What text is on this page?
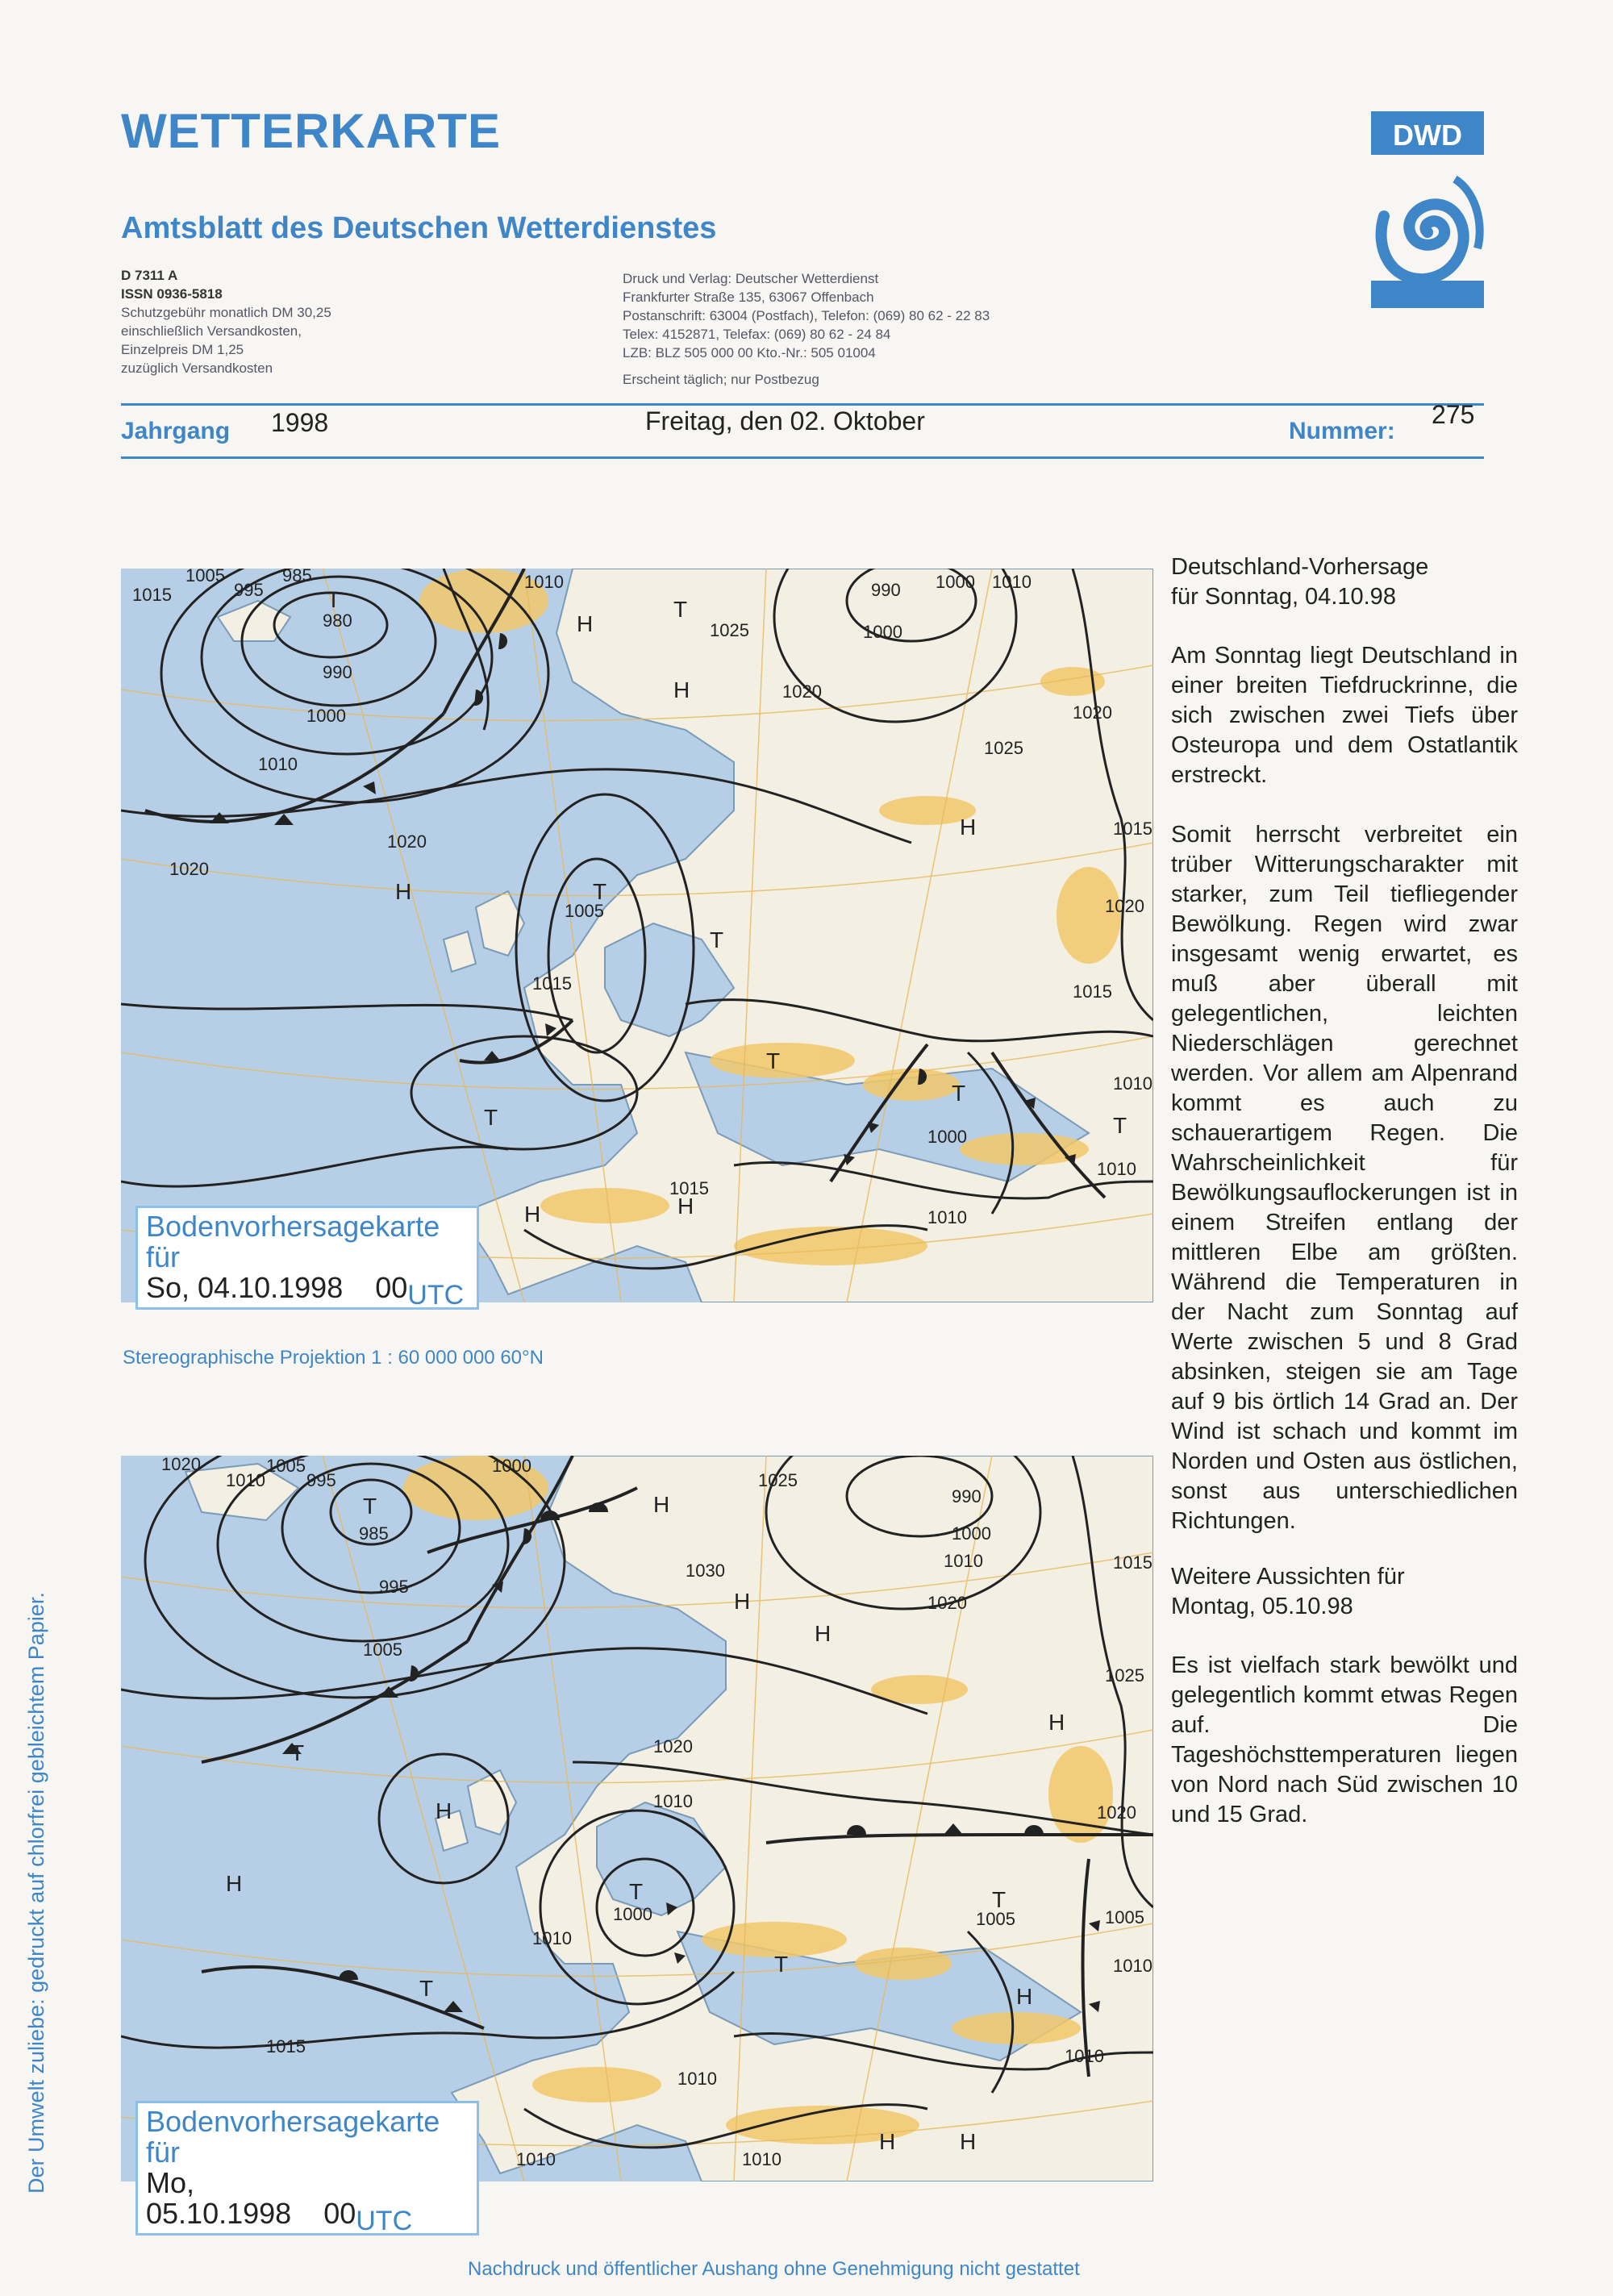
WETTERKARTE
Amtsblatt des Deutschen Wetterdienstes
D 7311 A
ISSN 0936-5818
Schutzgebühr monatlich DM 30,25
einschließlich Versandkosten,
Einzelpreis DM 1,25
zuzüglich Versandkosten
Druck und Verlag: Deutscher Wetterdienst
Frankfurter Straße 135, 63067 Offenbach
Postanschrift: 63004 (Postfach), Telefon: (069) 80 62 - 22 83
Telex: 4152871, Telefax: (069) 80 62 - 24 84
LZB: BLZ 505 000 00 Kto.-Nr.: 505 01004
Erscheint täglich; nur Postbezug
DWD
Jahrgang 1998	Freitag, den 02. Oktober	Nummer:
275
1015
1005
995
985
980
990
1000
1010
1020
1020
1005
1015
1010
1025
1020
1000
990 1000 1010
1020
1025
1015
1020
1015
1010
1010
1000
1015
1010
T
H
H
T
H	T
H
T
T
T
H
H
T
T
Bodenvorhersagekarte für
So, 04.10.1998 00UTC
Stereographische Projektion 1 : 60 000 000 60°N
1020
1010
1005
995
985
995
1005
1000
1025
990
1000
1010	1015
1030
1020
1025
1020
1020
1010
1000
1010
1005	1005
1010
1015
1010
1010
1010	1010
T	H
H
H
H
T
H
H	T
T
T	H
T
H	H
Bodenvorhersagekarte für
Mo, 05.10.1998 00UTC
Deutschland-Vorhersage
für Sonntag, 04.10.98

Am Sonntag liegt Deutschland in einer breiten Tiefdruckrinne, die sich zwischen zwei Tiefs über Osteuropa und dem Ostatlantik erstreckt.

Somit herrscht verbreitet ein trüber Witterungscharakter mit starker, zum Teil tiefliegender Bewölkung. Regen wird zwar insgesamt wenig erwartet, es muß aber überall mit gelegentlichen, leichten Niederschlägen gerechnet werden. Vor allem am Alpenrand kommt es auch zu schauerartigem Regen. Die Wahrscheinlichkeit für Bewölkungsauflockerungen ist in einem Streifen entlang der mittleren Elbe am größten. Während die Temperaturen in der Nacht zum Sonntag auf Werte zwischen 5 und 8 Grad absinken, steigen sie am Tage auf 9 bis örtlich 14 Grad an. Der Wind ist schach und kommt im Norden und Osten aus östlichen, sonst aus unterschiedlichen Richtungen.

Weitere Aussichten für
Montag, 05.10.98

Es ist vielfach stark bewölkt und gelegentlich kommt etwas Regen auf. Die Tageshöchsttemperaturen liegen von Nord nach Süd zwischen 10 und 15 Grad.

Der Umwelt zuliebe: gedruckt auf chlorfrei gebleichtem Papier.
Nachdruck und öffentlicher Aushang ohne Genehmigung nicht gestattet
